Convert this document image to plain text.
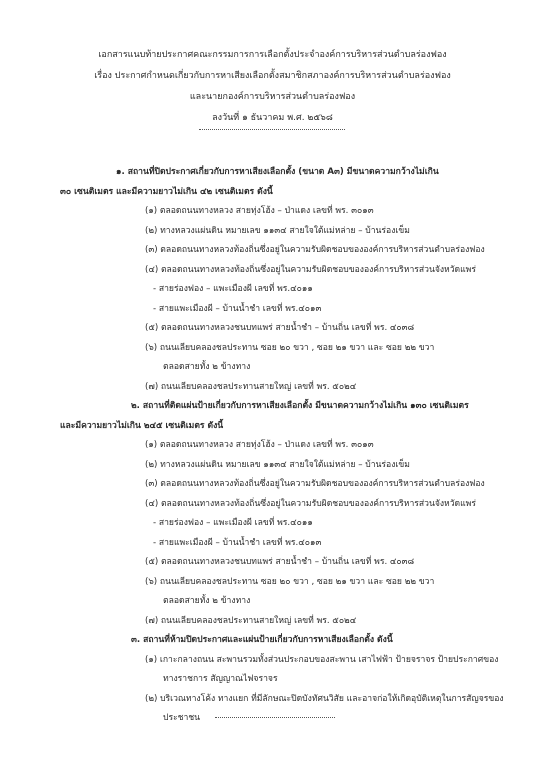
เอกสารแนบท้ายประกาศคณะกรรมการการเลือกตั้งประจำองค์การบริหารส่วนตำบลร่องฟอง
เรื่อง ประกาศกำหนดเกี่ยวกับการหาเสียงเลือกตั้งสมาชิกสภาองค์การบริหารส่วนตำบลร่องฟอง
และนายกองค์การบริหารส่วนตำบลร่องฟอง
ลงวันที่ ๑ ธันวาคม พ.ศ. ๒๕๖๘
๑. สถานที่ปิดประกาศเกี่ยวกับการหาเสียงเลือกตั้ง (ขนาด A๓) มีขนาดความกว้างไม่เกิน
๓๐ เซนติเมตร และมีความยาวไม่เกิน ๔๒ เซนติเมตร ดังนี้
(๑) ตลอดถนนทางหลวง สายทุ่งโฮ้ง – ป่าแดง เลขที่ พร. ๓๐๑๓
(๒) ทางหลวงแผ่นดิน หมายเลข ๑๑๓๔ สายใจใต้แม่หล่าย – บ้านร่องเข็ม
(๓) ตลอดถนนทางหลวงท้องถิ่นซึ่งอยู่ในความรับผิดชอบขององค์การบริหารส่วนตำบลร่องฟอง
(๔) ตลอดถนนทางหลวงท้องถิ่นซึ่งอยู่ในความรับผิดชอบขององค์การบริหารส่วนจังหวัดแพร่
- สายร่องฟอง – แพะเมืองผี เลขที่ พร.๔๐๑๑
- สายแพะเมืองผี – บ้านน้ำชำ เลขที่ พร.๔๐๑๓
(๕) ตลอดถนนทางหลวงชนบทแพร่ สายน้ำชำ – บ้านถิ่น เลขที่ พร. ๔๐๓๘
(๖) ถนนเลียบคลองชลประทาน ซอย ๒๐ ขวา , ซอย ๒๑ ขวา และ ซอย ๒๒ ขวา
ตลอดสายทั้ง ๒ ข้างทาง
(๗) ถนนเลียบคลองชลประทานสายใหญ่ เลขที่ พร. ๕๐๒๔
๒. สถานที่ติดแผ่นป้ายเกี่ยวกับการหาเสียงเลือกตั้ง มีขนาดความกว้างไม่เกิน ๑๓๐ เซนติเมตร
และมีความยาวไม่เกิน ๒๔๕ เซนติเมตร ดังนี้
(๑) ตลอดถนนทางหลวง สายทุ่งโฮ้ง – ป่าแดง เลขที่ พร. ๓๐๑๓
(๒) ทางหลวงแผ่นดิน หมายเลข ๑๑๓๔ สายใจใต้แม่หล่าย – บ้านร่องเข็ม
(๓) ตลอดถนนทางหลวงท้องถิ่นซึ่งอยู่ในความรับผิดชอบขององค์การบริหารส่วนตำบลร่องฟอง
(๔) ตลอดถนนทางหลวงท้องถิ่นซึ่งอยู่ในความรับผิดชอบขององค์การบริหารส่วนจังหวัดแพร่
- สายร่องฟอง – แพะเมืองผี เลขที่ พร.๔๐๑๑
- สายแพะเมืองผี – บ้านน้ำชำ เลขที่ พร.๔๐๑๓
(๕) ตลอดถนนทางหลวงชนบทแพร่ สายน้ำชำ – บ้านถิ่น เลขที่ พร. ๔๐๓๘
(๖) ถนนเลียบคลองชลประทาน ซอย ๒๐ ขวา , ซอย ๒๑ ขวา และ ซอย ๒๒ ขวา
ตลอดสายทั้ง ๒ ข้างทาง
(๗) ถนนเลียบคลองชลประทานสายใหญ่ เลขที่ พร. ๕๐๒๔
๓. สถานที่ห้ามปิดประกาศและแผ่นป้ายเกี่ยวกับการหาเสียงเลือกตั้ง ดังนี้
(๑) เกาะกลางถนน สะพานรวมทั้งส่วนประกอบของสะพาน เสาไฟฟ้า ป้ายจราจร ป้ายประกาศของ
ทางราชการ สัญญาณไฟจราจร
(๒) บริเวณทางโค้ง ทางแยก ที่มีลักษณะปิดบังทัศนวิสัย และอาจก่อให้เกิดอุบัติเหตุในการสัญจรของ
ประชาชน
